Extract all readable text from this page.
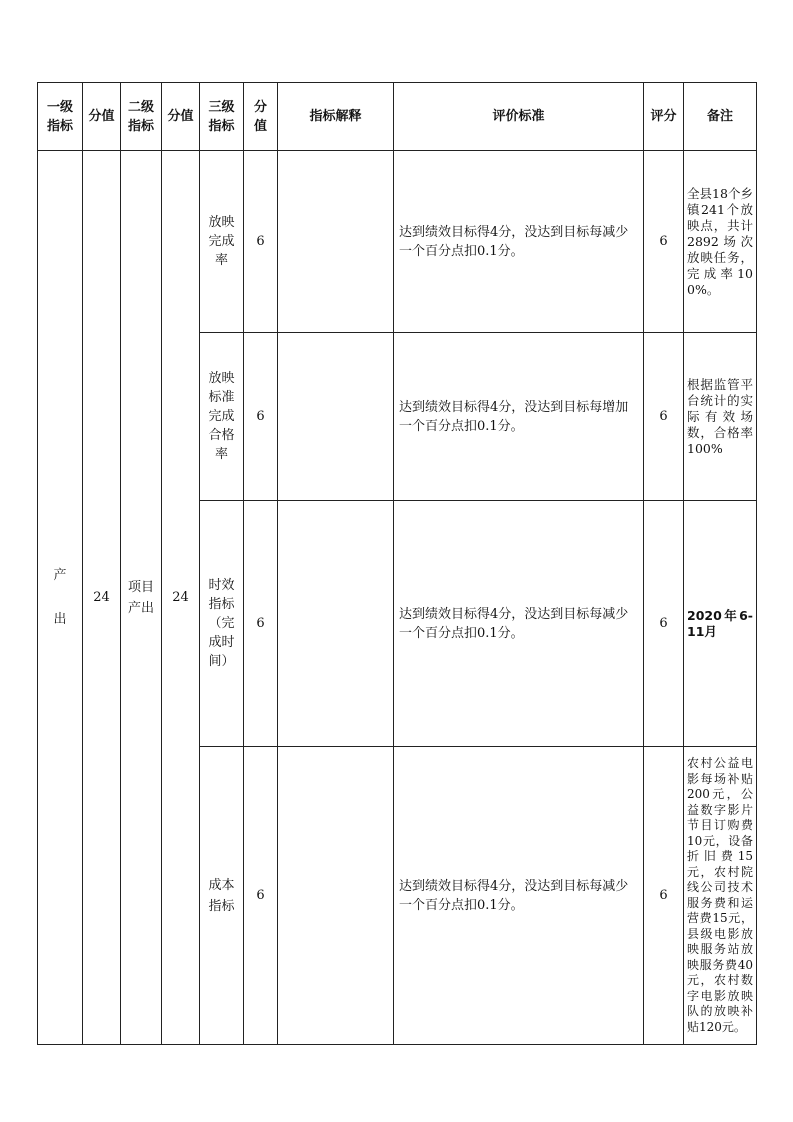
一级指标	分值	二级指标	分值	三级指标	分值	指标解释	评价标准	评分	备注
产出	24	项目产出	24	放映完成率	6		达到绩效目标得4分，没达到目标每减少一个百分点扣0.1分。	6	全县18个乡镇241个放映点，共计2892场次放映任务，完成率100%。

				放映标准完成合格率	6		达到绩效目标得4分，没达到目标每增加一个百分点扣0.1分。	6	根据监管平台统计的实际有效场数，合格率100%

				时效指标（完成时间）	6		达到绩效目标得4分，没达到目标每减少一个百分点扣0.1分。	6	2020年6-11月

				成本指标	6		达到绩效目标得4分，没达到目标每减少一个百分点扣0.1分。	6	农村公益电影每场补贴200元，公益数字影片节目订购费10元，设备折旧费15元，农村院线公司技术服务费和运营费15元，县级电影放映服务站放映服务费40元，农村数字电影放映队的放映补贴120元。
